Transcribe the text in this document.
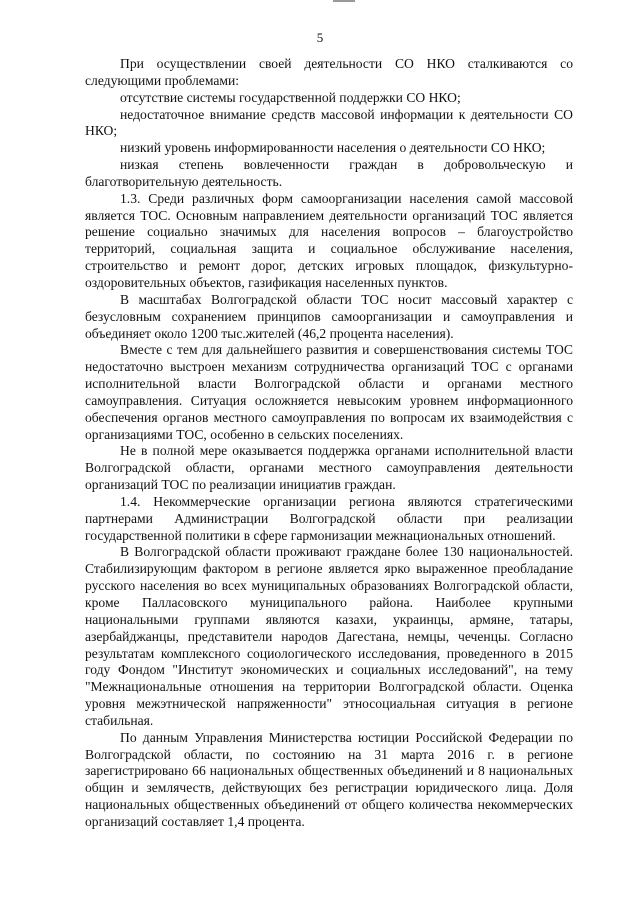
5

При осуществлении своей деятельности СО НКО сталкиваются со следующими проблемами:

отсутствие системы государственной поддержки СО НКО;

недостаточное внимание средств массовой информации к деятельности СО НКО;

низкий уровень информированности населения о деятельности СО НКО;

низкая степень вовлеченности граждан в добровольческую и благотворительную деятельность.

1.3. Среди различных форм самоорганизации населения самой массовой является ТОС. Основным направлением деятельности организаций ТОС является решение социально значимых для населения вопросов – благоустройство территорий, социальная защита и социальное обслуживание населения, строительство и ремонт дорог, детских игровых площадок, физкультурно-оздоровительных объектов, газификация населенных пунктов.

В масштабах Волгоградской области ТОС носит массовый характер с безусловным сохранением принципов самоорганизации и самоуправления и объединяет около 1200 тыс.жителей (46,2 процента населения).

Вместе с тем для дальнейшего развития и совершенствования системы ТОС недостаточно выстроен механизм сотрудничества организаций ТОС с органами исполнительной власти Волгоградской области и органами местного самоуправления. Ситуация осложняется невысоким уровнем информационного обеспечения органов местного самоуправления по вопросам их взаимодействия с организациями ТОС, особенно в сельских поселениях.

Не в полной мере оказывается поддержка органами исполнительной власти Волгоградской области, органами местного самоуправления деятельности организаций ТОС по реализации инициатив граждан.

1.4. Некоммерческие организации региона являются стратегическими партнерами Администрации Волгоградской области при реализации государственной политики в сфере гармонизации межнациональных отношений.

В Волгоградской области проживают граждане более 130 национальностей. Стабилизирующим фактором в регионе является ярко выраженное преобладание русского населения во всех муниципальных образованиях Волгоградской области, кроме Палласовского муниципального района. Наиболее крупными национальными группами являются казахи, украинцы, армяне, татары, азербайджанцы, представители народов Дагестана, немцы, чеченцы. Согласно результатам комплексного социологического исследования, проведенного в 2015 году Фондом "Институт экономических и социальных исследований", на тему "Межнациональные отношения на территории Волгоградской области. Оценка уровня межэтнической напряженности" этносоциальная ситуация в регионе стабильная.

По данным Управления Министерства юстиции Российской Федерации по Волгоградской области, по состоянию на 31 марта 2016 г. в регионе зарегистрировано 66 национальных общественных объединений и 8 национальных общин и землячеств, действующих без регистрации юридического лица. Доля национальных общественных объединений от общего количества некоммерческих организаций составляет 1,4 процента.
